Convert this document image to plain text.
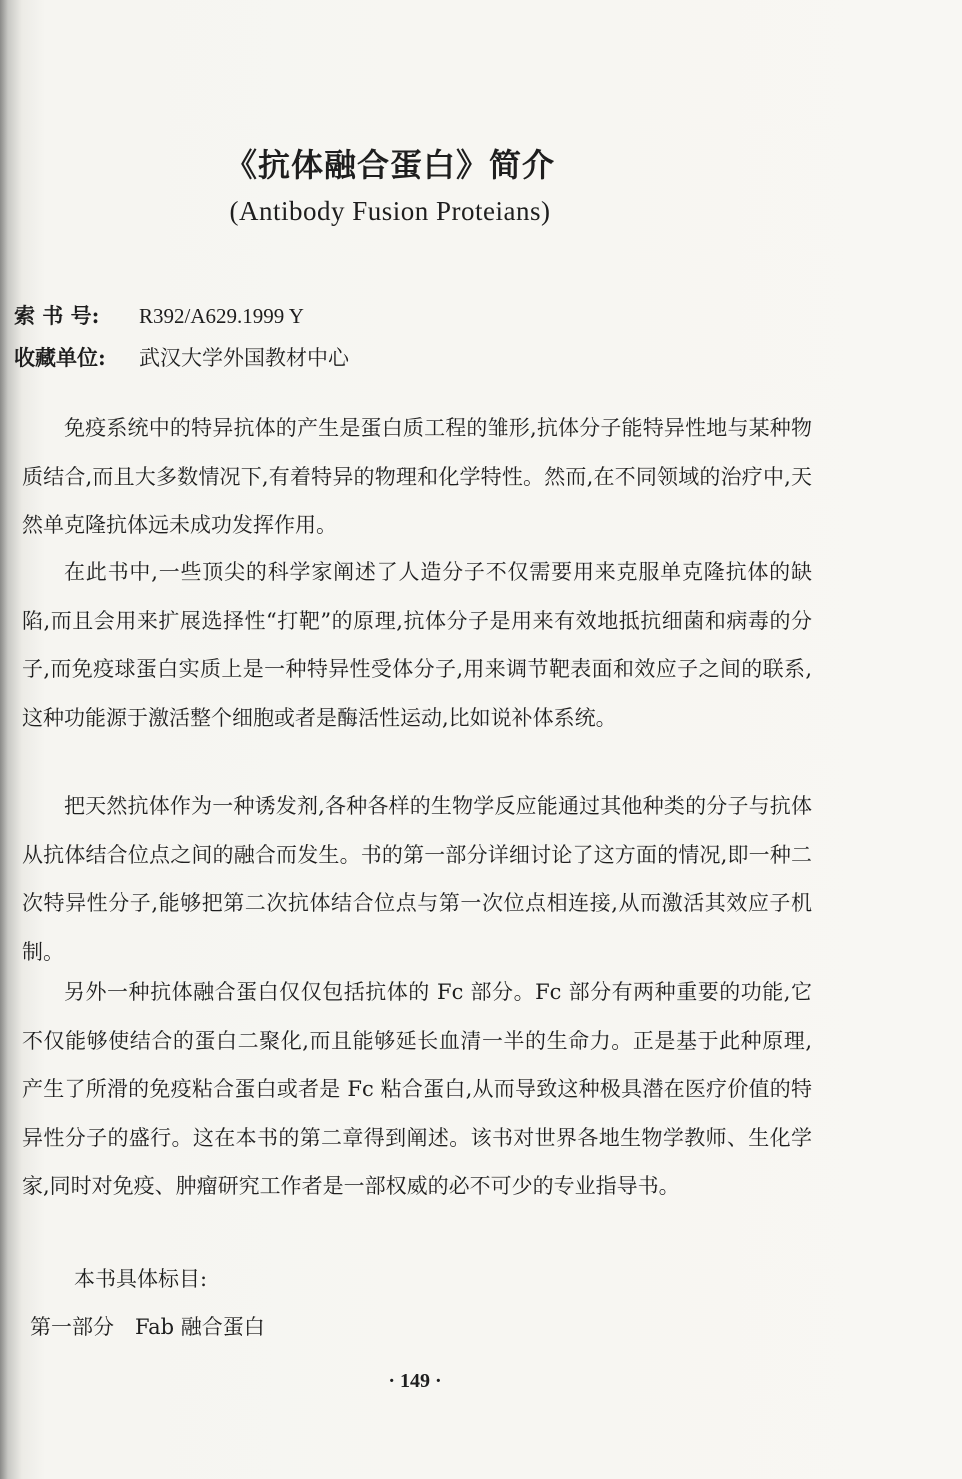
《抗体融合蛋白》简介
(Antibody Fusion Proteians)
索 书 号: R392/A629.1999 Y
收藏单位: 武汉大学外国教材中心

免疫系统中的特异抗体的产生是蛋白质工程的雏形,抗体分子能特异性地与某种物质结合,而且大多数情况下,有着特异的物理和化学特性。然而,在不同领域的治疗中,天然单克隆抗体远未成功发挥作用。

在此书中,一些顶尖的科学家阐述了人造分子不仅需要用来克服单克隆抗体的缺陷,而且会用来扩展选择性“打靶”的原理,抗体分子是用来有效地抵抗细菌和病毒的分子,而免疫球蛋白实质上是一种特异性受体分子,用来调节靶表面和效应子之间的联系,这种功能源于激活整个细胞或者是酶活性运动,比如说补体系统。

把天然抗体作为一种诱发剂,各种各样的生物学反应能通过其他种类的分子与抗体从抗体结合位点之间的融合而发生。书的第一部分详细讨论了这方面的情况,即一种二次特异性分子,能够把第二次抗体结合位点与第一次位点相连接,从而激活其效应子机制。

另外一种抗体融合蛋白仅仅包括抗体的 Fc 部分。Fc 部分有两种重要的功能,它不仅能够使结合的蛋白二聚化,而且能够延长血清一半的生命力。正是基于此种原理,产生了所滑的免疫粘合蛋白或者是 Fc 粘合蛋白,从而导致这种极具潜在医疗价值的特异性分子的盛行。这在本书的第二章得到阐述。该书对世界各地生物学教师、生化学家,同时对免疫、肿瘤研究工作者是一部权威的必不可少的专业指导书。

本书具体标目:
第一部分　Fab 融合蛋白
· 149 ·
